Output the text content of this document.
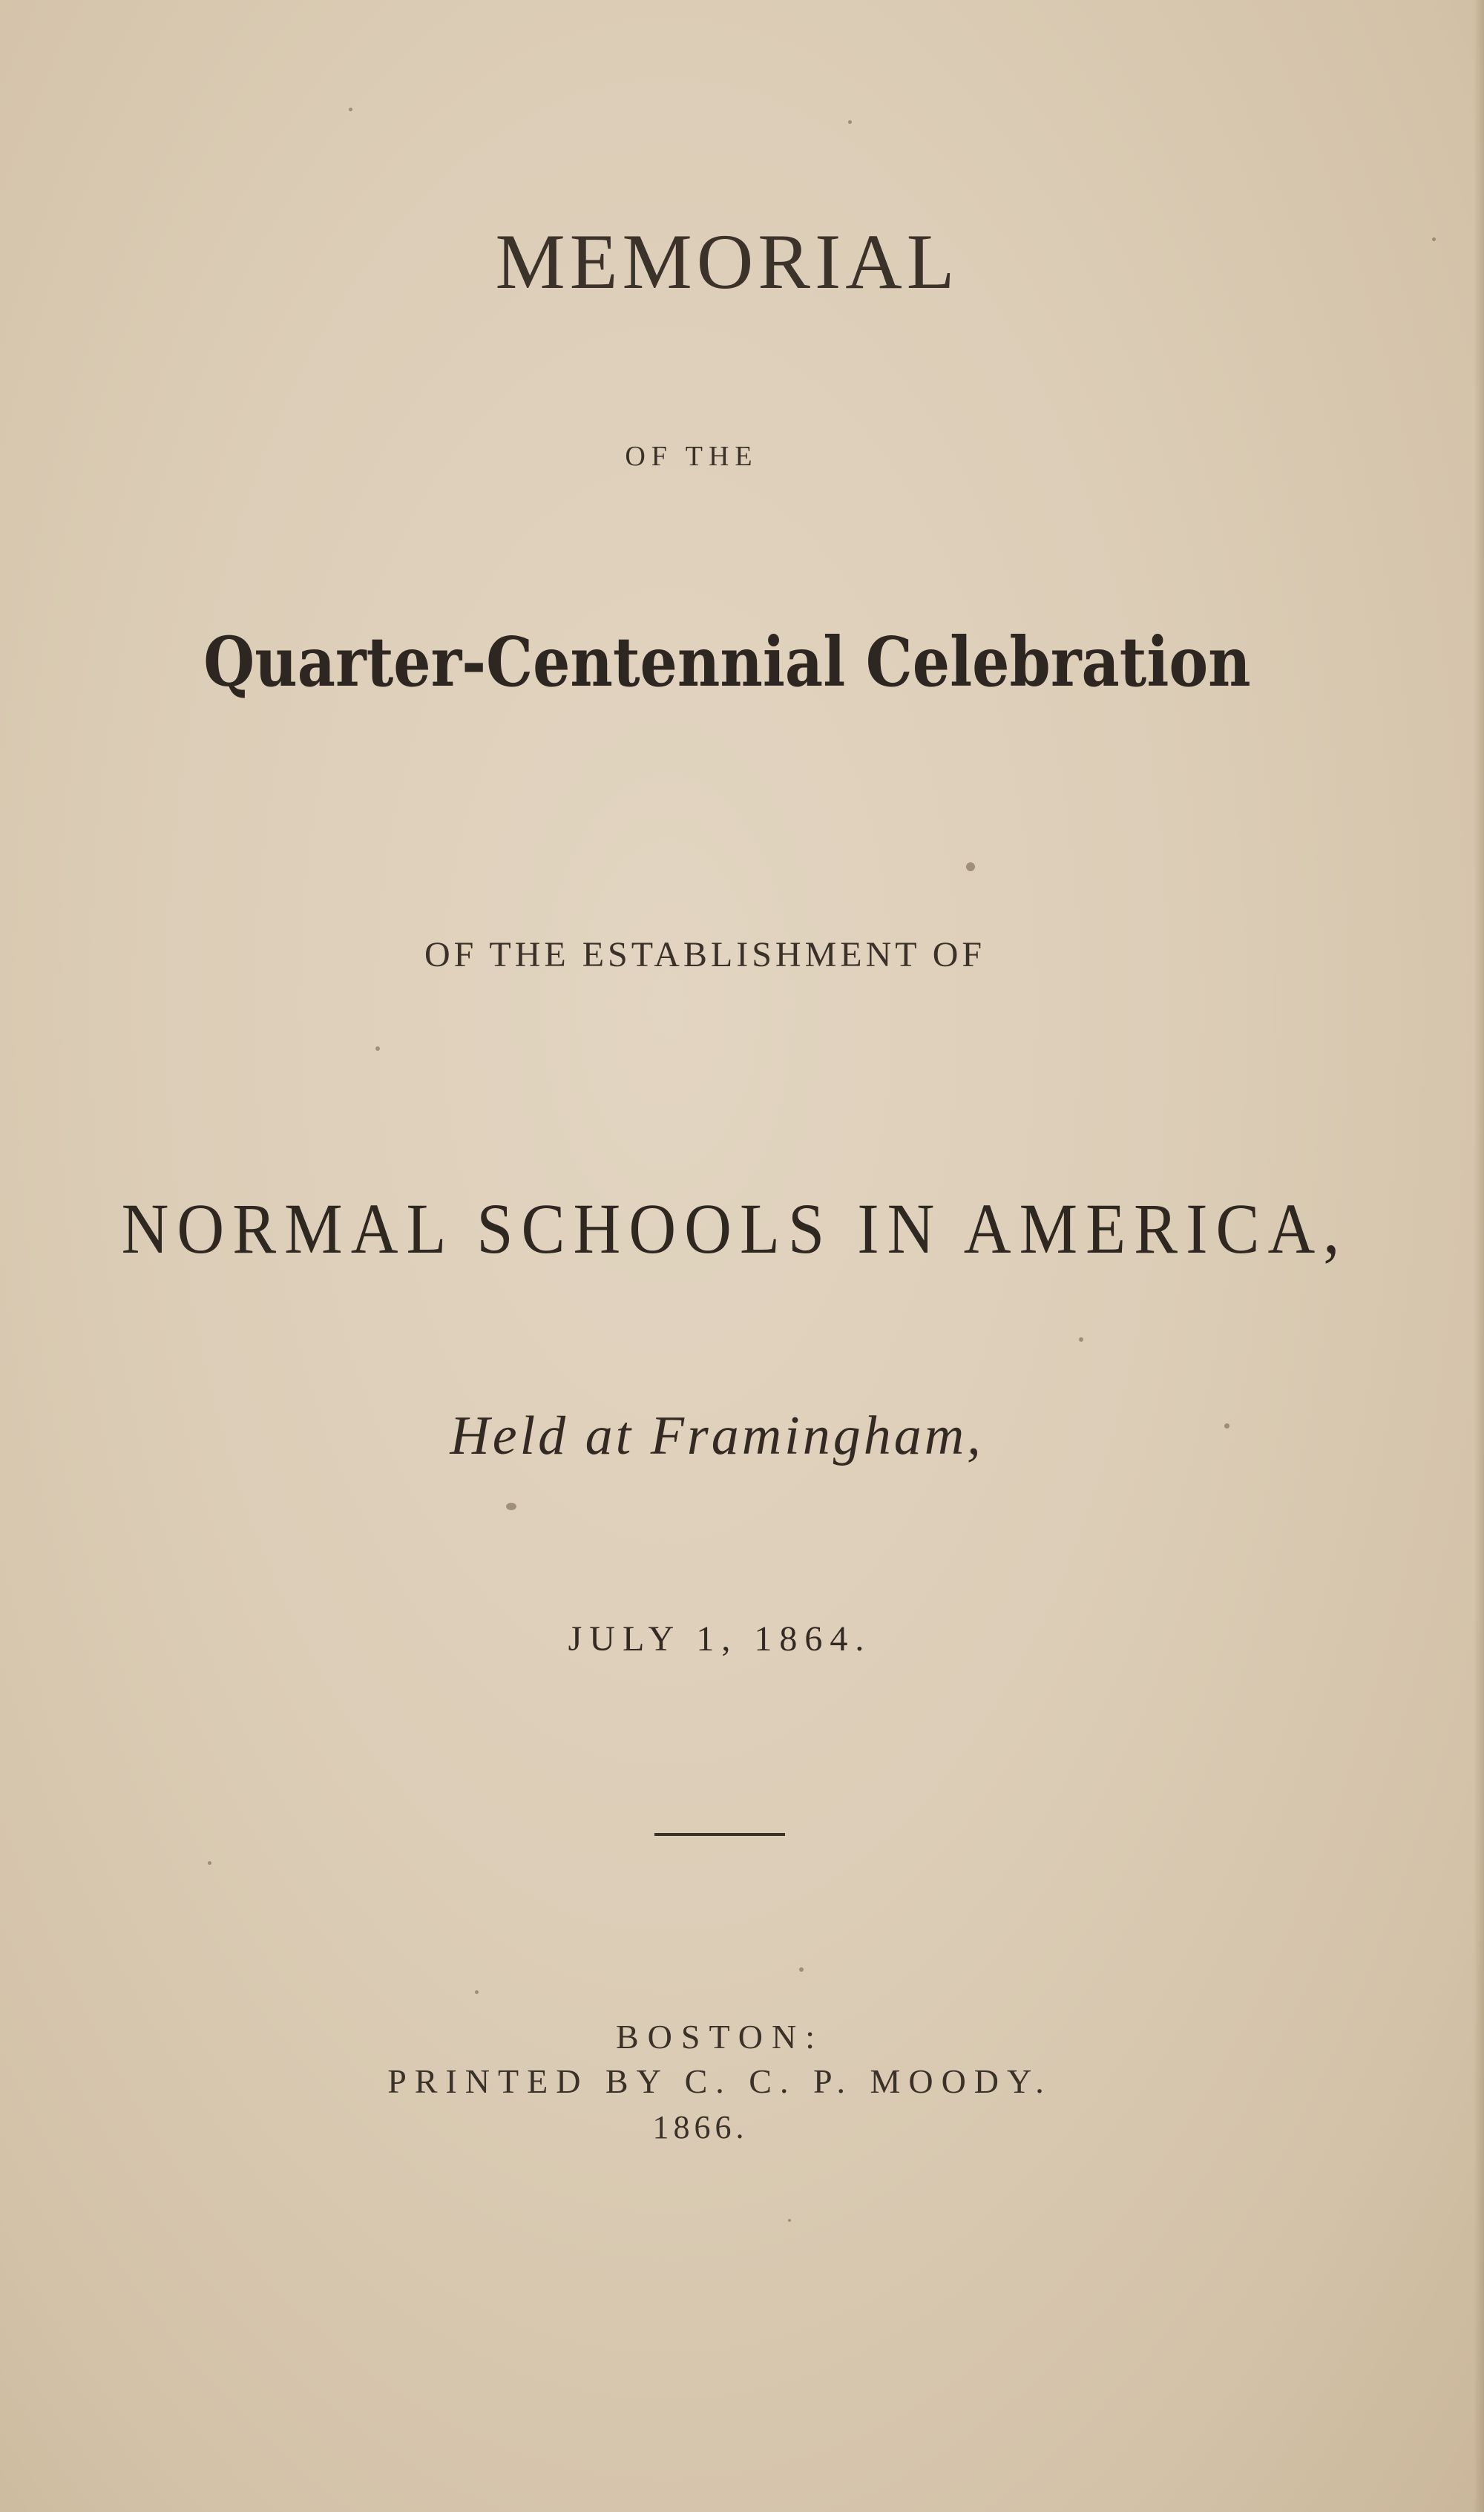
MEMORIAL
OF THE
Quarter-Centennial Celebration
OF THE ESTABLISHMENT OF
NORMAL SCHOOLS IN AMERICA,
Held at Framingham,
JULY 1, 1864.
BOSTON:
PRINTED BY C. C. P. MOODY.
1866.
